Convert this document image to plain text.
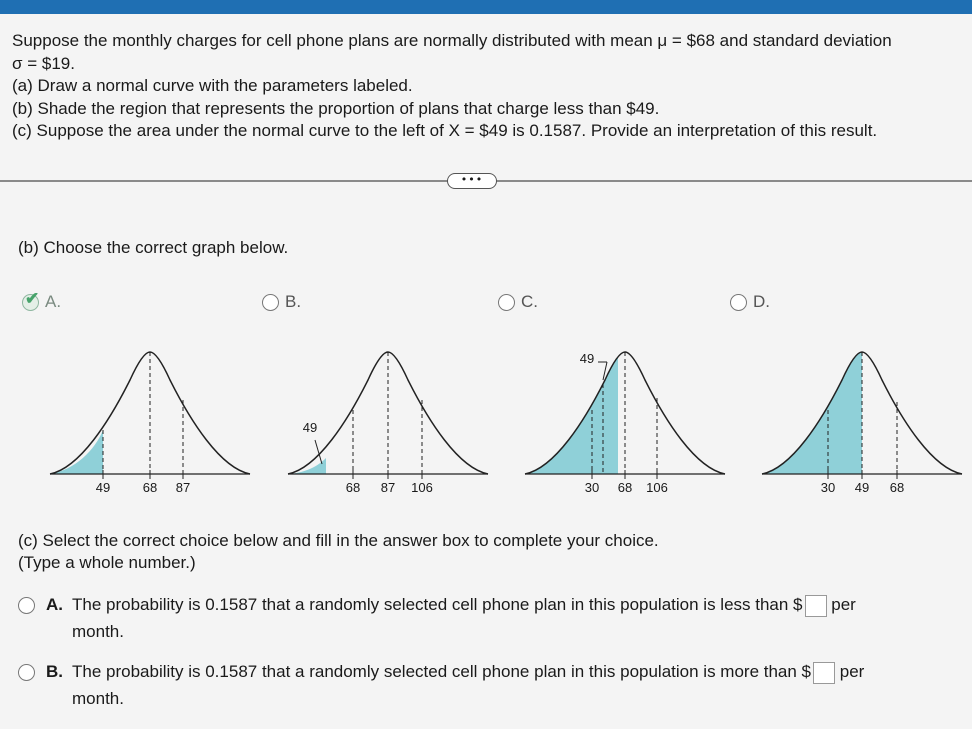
Suppose the monthly charges for cell phone plans are normally distributed with mean μ = $68 and standard deviation
σ = $19.
(a) Draw a normal curve with the parameters labeled.
(b) Shade the region that represents the proportion of plans that charge less than $49.
(c) Suppose the area under the normal curve to the left of X = $49 is 0.1587. Provide an interpretation of this result.
•••
(b) Choose the correct graph below.
✔ A.	B.	C.	D.
49	68 87
49
68 87 106
49
30 68 106	30 49 68
(c) Select the correct choice below and fill in the answer box to complete your choice.
(Type a whole number.)
A. The probability is 0.1587 that a randomly selected cell phone plan in this population is less than $ per
month.
B. The probability is 0.1587 that a randomly selected cell phone plan in this population is more than $ per
month.
